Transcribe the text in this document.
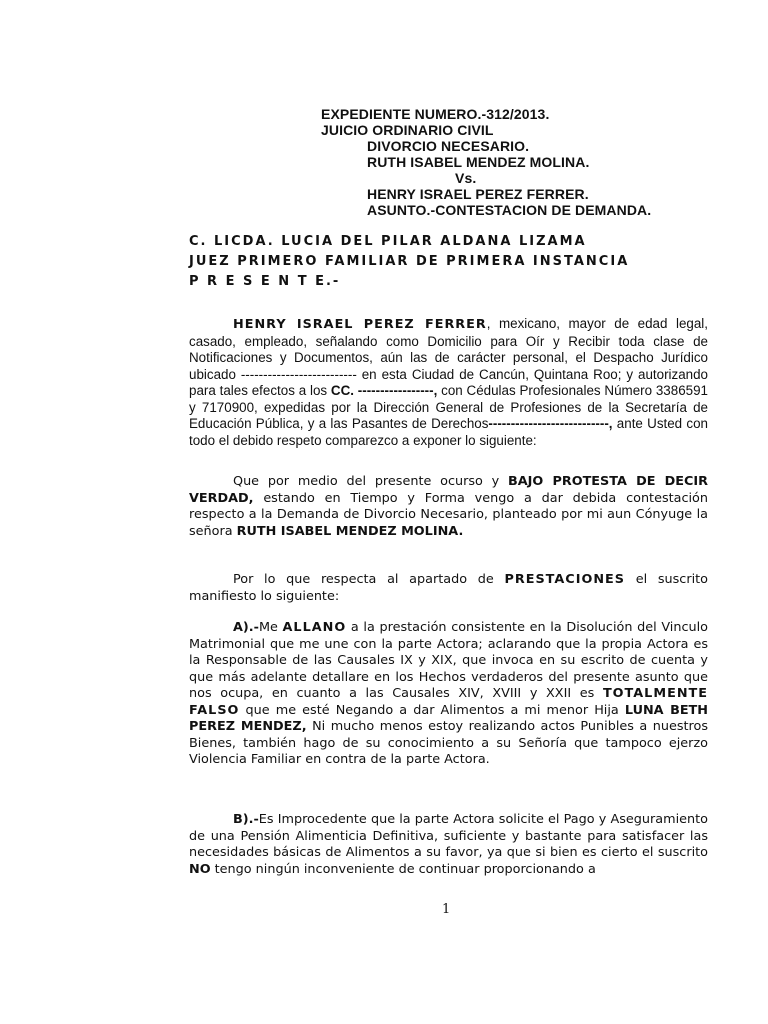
EXPEDIENTE NUMERO.-312/2013.
JUICIO ORDINARIO CIVIL
DIVORCIO NECESARIO.
RUTH ISABEL MENDEZ MOLINA.
Vs.
HENRY ISRAEL PEREZ FERRER.
ASUNTO.-CONTESTACION DE DEMANDA.
C. LICDA. LUCIA DEL PILAR ALDANA LIZAMA
JUEZ PRIMERO FAMILIAR DE PRIMERA INSTANCIA
P R E S E N T E.-

HENRY ISRAEL PEREZ FERRER, mexicano, mayor de edad legal, casado, empleado, señalando como Domicilio para Oír y Recibir toda clase de Notificaciones y Documentos, aún las de carácter personal, el Despacho Jurídico ubicado -------------------------- en esta Ciudad de Cancún, Quintana Roo; y autorizando para tales efectos a los CC. -----------------, con Cédulas Profesionales Número 3386591 y 7170900, expedidas por la Dirección General de Profesiones de la Secretaría de Educación Pública, y a las Pasantes de Derechos---------------------------, ante Usted con todo el debido respeto comparezco a exponer lo siguiente:

Que por medio del presente ocurso y BAJO PROTESTA DE DECIR VERDAD, estando en Tiempo y Forma vengo a dar debida contestación respecto a la Demanda de Divorcio Necesario, planteado por mi aun Cónyuge la señora RUTH ISABEL MENDEZ MOLINA.

Por lo que respecta al apartado de PRESTACIONES el suscrito manifiesto lo siguiente:

A).-Me ALLANO a la prestación consistente en la Disolución del Vinculo Matrimonial que me une con la parte Actora; aclarando que la propia Actora es la Responsable de las Causales IX y XIX, que invoca en su escrito de cuenta y que más adelante detallare en los Hechos verdaderos del presente asunto que nos ocupa, en cuanto a las Causales XIV, XVIII y XXII es TOTALMENTE FALSO que me esté Negando a dar Alimentos a mi menor Hija LUNA BETH PEREZ MENDEZ, Ni mucho menos estoy realizando actos Punibles a nuestros Bienes, también hago de su conocimiento a su Señoría que tampoco ejerzo Violencia Familiar en contra de la parte Actora.

B).-Es Improcedente que la parte Actora solicite el Pago y Aseguramiento de una Pensión Alimenticia Definitiva, suficiente y bastante para satisfacer las necesidades básicas de Alimentos a su favor, ya que si bien es cierto el suscrito NO tengo ningún inconveniente de continuar proporcionando a

1
